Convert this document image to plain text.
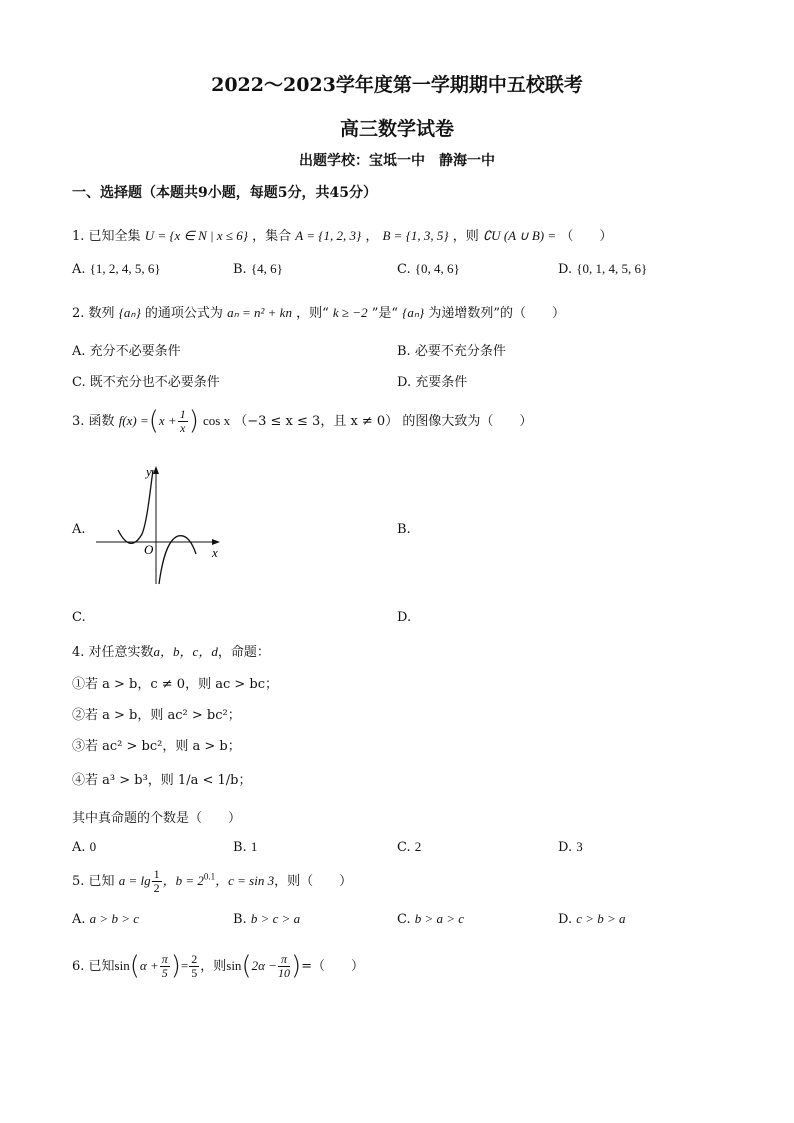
2022～2023学年度第一学期期中五校联考
高三数学试卷
出题学校：宝坻一中　静海一中
一、选择题（本题共9小题，每题5分，共45分）
1. 已知全集 U = {x ∈ N | x ≤ 6} ，集合 A = {1, 2, 3} ， B = {1, 3, 5} ，则 ∁U (A ∪ B) = （　　）
A. {1, 2, 4, 5, 6}	B. {4, 6}	C. {0, 4, 6}	D. {0, 1, 4, 5, 6}
2. 数列 {aₙ} 的通项公式为 aₙ = n² + kn ，则“ k ≥ −2 ”是“ {aₙ} 为递增数列”的（　　）
A. 充分不必要条件	B. 必要不充分条件
C. 既不充分也不必要条件	D. 充要条件
3. 函数 $f(x) =(x + \frac{1}{x}$ ) cos x （−3 ≤ x ≤ 3，且 x ≠ 0） 的图像大致为（　　）
A.
y
x
O
B.
C.	D.
4. 对任意实数a，b，c，d，命题：
①若 a > b，c ≠ 0，则 ac > bc；
②若 a > b，则 ac² > bc²；
③若 ac² > bc²，则 a > b；
④若 a³ > b³，则 1/a < 1/b；
其中真命题的个数是（　　）
A. 0	B. 1	C. 2	D. 3
5. 已知 $a = \lg \frac{1}{2}$ ，$b = 2^{0.1}$，c = sin 3，则（　　）
A. a > b > c	B. b > c > a	C. b > a > c	D. c > b > a
6. 已知$\sin(\alpha + \frac{\pi}{5}$ )= $\frac{2}{5}$ ，则$\sin(2\alpha - \frac{\pi}{10}$ )=（　　）
